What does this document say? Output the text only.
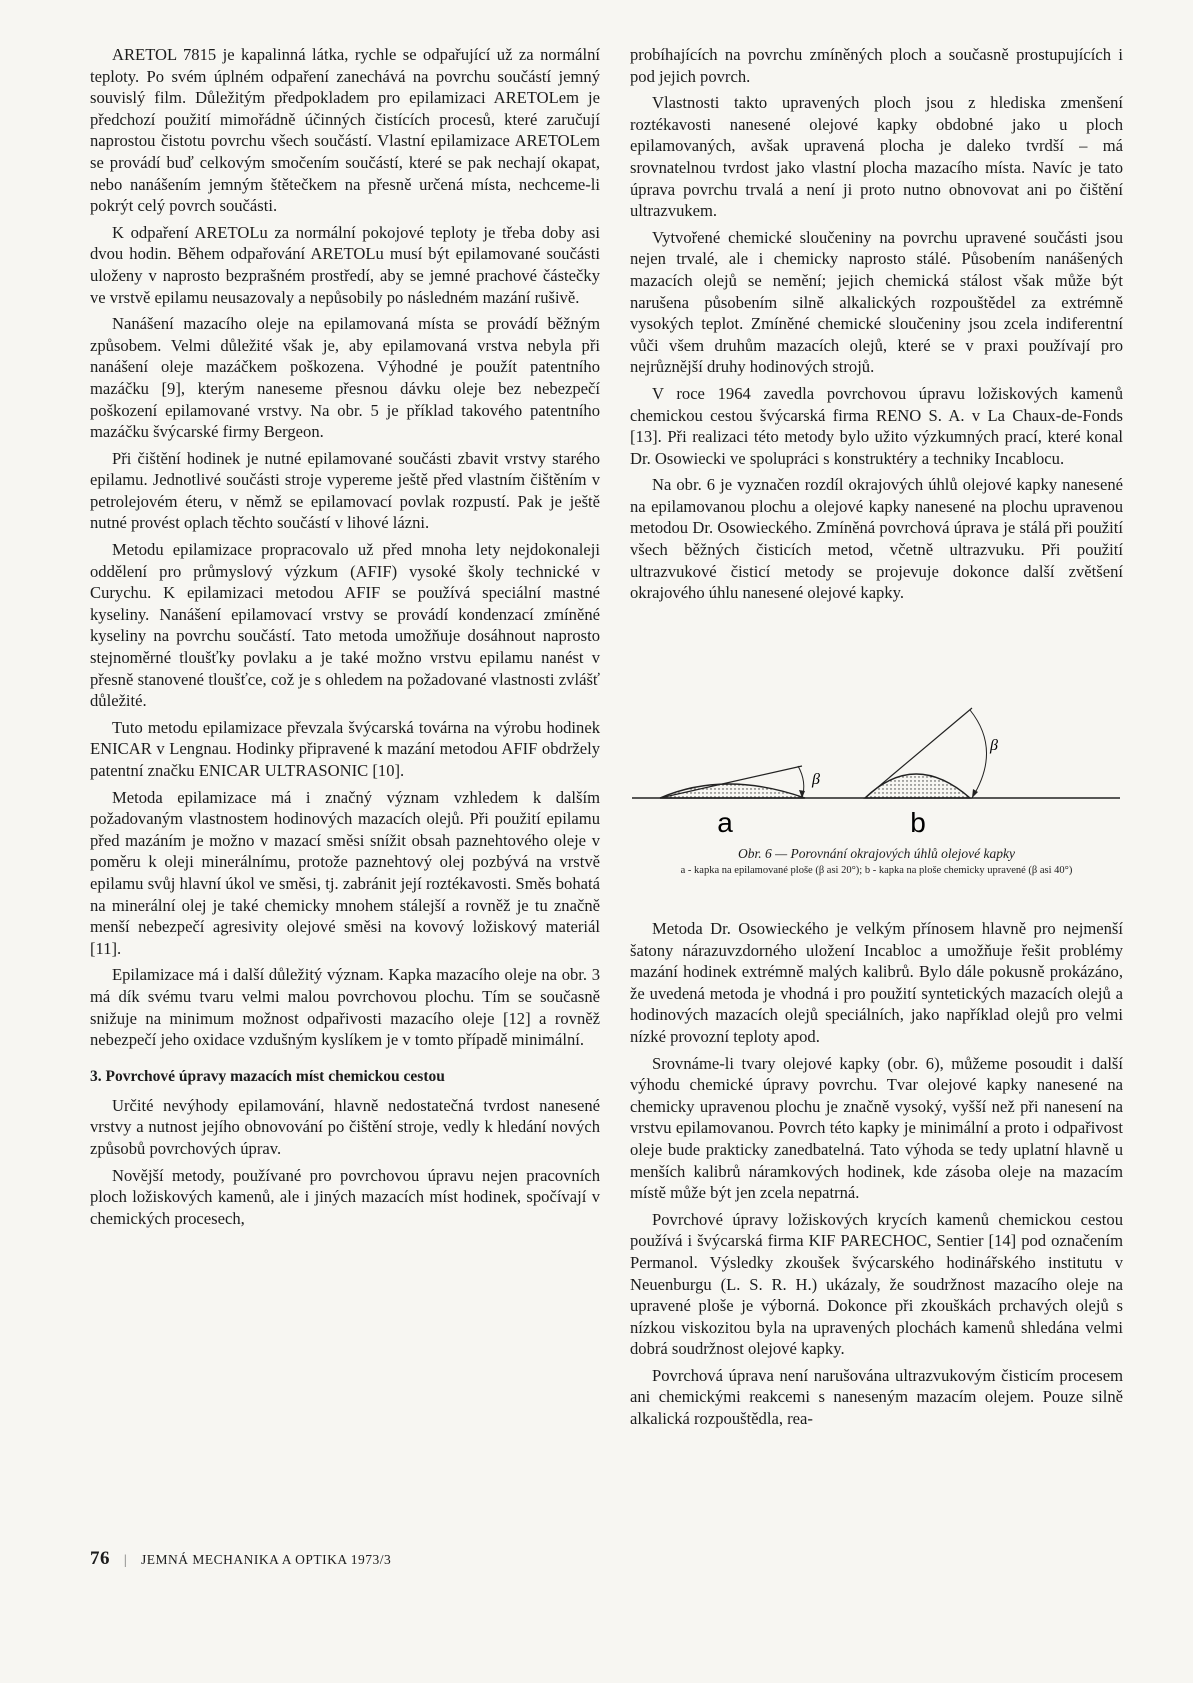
ARETOL 7815 je kapalinná látka, rychle se odpařující už za normální teploty. Po svém úplném odpaření zanechává na povrchu součástí jemný souvislý film. Důležitým předpokladem pro epilamizaci ARETOLem je předchozí použití mimořádně účinných čistících procesů, které zaručují naprostou čistotu povrchu všech součástí. Vlastní epilamizace ARETOLem se provádí buď celkovým smočením součástí, které se pak nechají okapat, nebo nanášením jemným štětečkem na přesně určená místa, nechceme-li pokrýt celý povrch součásti.

K odpaření ARETOLu za normální pokojové teploty je třeba doby asi dvou hodin. Během odpařování ARETOLu musí být epilamované součásti uloženy v naprosto bezprašném prostředí, aby se jemné prachové částečky ve vrstvě epilamu neusazovaly a nepůsobily po následném mazání rušivě.

Nanášení mazacího oleje na epilamovaná místa se provádí běžným způsobem. Velmi důležité však je, aby epilamovaná vrstva nebyla při nanášení oleje mazáčkem poškozena. Výhodné je použít patentního mazáčku [9], kterým naneseme přesnou dávku oleje bez nebezpečí poškození epilamované vrstvy. Na obr. 5 je příklad takového patentního mazáčku švýcarské firmy Bergeon.

Při čištění hodinek je nutné epilamované součásti zbavit vrstvy starého epilamu. Jednotlivé součásti stroje vypereme ještě před vlastním čištěním v petrolejovém éteru, v němž se epilamovací povlak rozpustí. Pak je ještě nutné provést oplach těchto součástí v lihové lázni.

Metodu epilamizace propracovalo už před mnoha lety nejdokonaleji oddělení pro průmyslový výzkum (AFIF) vysoké školy technické v Curychu. K epilamizaci metodou AFIF se používá speciální mastné kyseliny. Nanášení epilamovací vrstvy se provádí kondenzací zmíněné kyseliny na povrchu součástí. Tato metoda umožňuje dosáhnout naprosto stejnoměrné tloušťky povlaku a je také možno vrstvu epilamu nanést v přesně stanovené tloušťce, což je s ohledem na požadované vlastnosti zvlášť důležité.

Tuto metodu epilamizace převzala švýcarská továrna na výrobu hodinek ENICAR v Lengnau. Hodinky připravené k mazání metodou AFIF obdržely patentní značku ENICAR ULTRASONIC [10].

Metoda epilamizace má i značný význam vzhledem k dalším požadovaným vlastnostem hodinových mazacích olejů. Při použití epilamu před mazáním je možno v mazací směsi snížit obsah paznehtového oleje v poměru k oleji minerálnímu, protože paznehtový olej pozbývá na vrstvě epilamu svůj hlavní úkol ve směsi, tj. zabránit její roztékavosti. Směs bohatá na minerální olej je také chemicky mnohem stálejší a rovněž je tu značně menší nebezpečí agresivity olejové směsi na kovový ložiskový materiál [11].

Epilamizace má i další důležitý význam. Kapka mazacího oleje na obr. 3 má dík svému tvaru velmi malou povrchovou plochu. Tím se současně snižuje na minimum možnost odpařivosti mazacího oleje [12] a rovněž nebezpečí jeho oxidace vzdušným kyslíkem je v tomto případě minimální.

3. Povrchové úpravy mazacích míst chemickou cestou

Určité nevýhody epilamování, hlavně nedostatečná tvrdost nanesené vrstvy a nutnost jejího obnovování po čištění stroje, vedly k hledání nových způsobů povrchových úprav.

Novější metody, používané pro povrchovou úpravu nejen pracovních ploch ložiskových kamenů, ale i jiných mazacích míst hodinek, spočívají v chemických procesech,

probíhajících na povrchu zmíněných ploch a současně prostupujících i pod jejich povrch.

Vlastnosti takto upravených ploch jsou z hlediska zmenšení roztékavosti nanesené olejové kapky obdobné jako u ploch epilamovaných, avšak upravená plocha je daleko tvrdší – má srovnatelnou tvrdost jako vlastní plocha mazacího místa. Navíc je tato úprava povrchu trvalá a není ji proto nutno obnovovat ani po čištění ultrazvukem.

Vytvořené chemické sloučeniny na povrchu upravené součásti jsou nejen trvalé, ale i chemicky naprosto stálé. Působením nanášených mazacích olejů se nemění; jejich chemická stálost však může být narušena působením silně alkalických rozpouštědel za extrémně vysokých teplot. Zmíněné chemické sloučeniny jsou zcela indiferentní vůči všem druhům mazacích olejů, které se v praxi používají pro nejrůznější druhy hodinových strojů.

V roce 1964 zavedla povrchovou úpravu ložiskových kamenů chemickou cestou švýcarská firma RENO S. A. v La Chaux-de-Fonds [13]. Při realizaci této metody bylo užito výzkumných prací, které konal Dr. Osowiecki ve spolupráci s konstruktéry a techniky Incablocu.

Na obr. 6 je vyznačen rozdíl okrajových úhlů olejové kapky nanesené na epilamovanou plochu a olejové kapky nanesené na plochu upravenou metodou Dr. Osowieckého. Zmíněná povrchová úprava je stálá při použití všech běžných čisticích metod, včetně ultrazvuku. Při použití ultrazvukové čisticí metody se projevuje dokonce další zvětšení okrajového úhlu nanesené olejové kapky.

β
β
a	b
Obr. 6 — Porovnání okrajových úhlů olejové kapky
a - kapka na epilamované ploše (β asi 20°); b - kapka na ploše chemicky upravené (β asi 40°)

Metoda Dr. Osowieckého je velkým přínosem hlavně pro nejmenší šatony nárazuvzdorného uložení Incabloc a umožňuje řešit problémy mazání hodinek extrémně malých kalibrů. Bylo dále pokusně prokázáno, že uvedená metoda je vhodná i pro použití syntetických mazacích olejů a hodinových mazacích olejů speciálních, jako například olejů pro velmi nízké provozní teploty apod.

Srovnáme-li tvary olejové kapky (obr. 6), můžeme posoudit i další výhodu chemické úpravy povrchu. Tvar olejové kapky nanesené na chemicky upravenou plochu je značně vysoký, vyšší než při nanesení na vrstvu epilamovanou. Povrch této kapky je minimální a proto i odpařivost oleje bude prakticky zanedbatelná. Tato výhoda se tedy uplatní hlavně u menších kalibrů náramkových hodinek, kde zásoba oleje na mazacím místě může být jen zcela nepatrná.

Povrchové úpravy ložiskových krycích kamenů chemickou cestou používá i švýcarská firma KIF PARECHOC, Sentier [14] pod označením Permanol. Výsledky zkoušek švýcarského hodinářského institutu v Neuenburgu (L. S. R. H.) ukázaly, že soudržnost mazacího oleje na upravené ploše je výborná. Dokonce při zkouškách prchavých olejů s nízkou viskozitou byla na upravených plochách kamenů shledána velmi dobrá soudržnost olejové kapky.

Povrchová úprava není narušována ultrazvukovým čisticím procesem ani chemickými reakcemi s naneseným mazacím olejem. Pouze silně alkalická rozpouštědla, rea-

76 | JEMNÁ MECHANIKA A OPTIKA 1973/3
